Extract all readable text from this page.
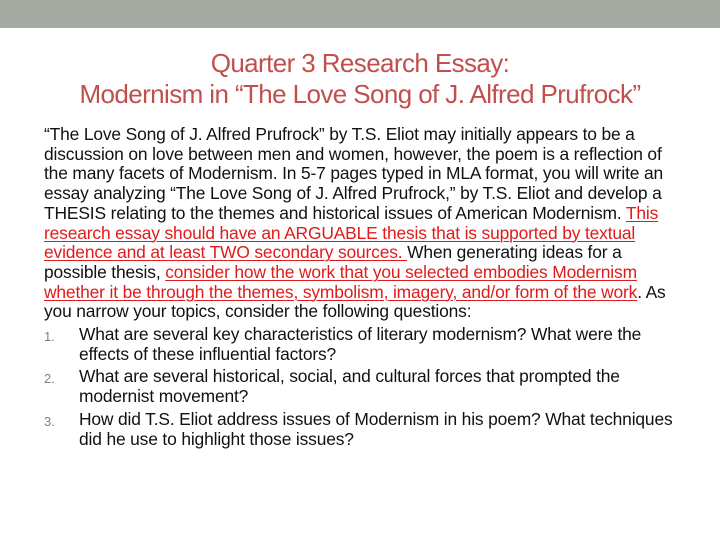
Quarter 3 Research Essay:
Modernism in “The Love Song of J. Alfred Prufrock”

“The Love Song of J. Alfred Prufrock” by T.S. Eliot may initially appears to be a discussion on love between men and women, however, the poem is a reflection of the many facets of Modernism. In 5-7 pages typed in MLA format, you will write an essay analyzing “The Love Song of J. Alfred Prufrock,” by T.S. Eliot and develop a THESIS relating to the themes and historical issues of American Modernism. This research essay should have an ARGUABLE thesis that is supported by textual evidence and at least TWO secondary sources. When generating ideas for a possible thesis, consider how the work that you selected embodies Modernism whether it be through the themes, symbolism, imagery, and/or form of the work. As you narrow your topics, consider the following questions:

1. What are several key characteristics of literary modernism? What were the effects of these influential factors?
2. What are several historical, social, and cultural forces that prompted the modernist movement?
3. How did T.S. Eliot address issues of Modernism in his poem? What techniques did he use to highlight those issues?
